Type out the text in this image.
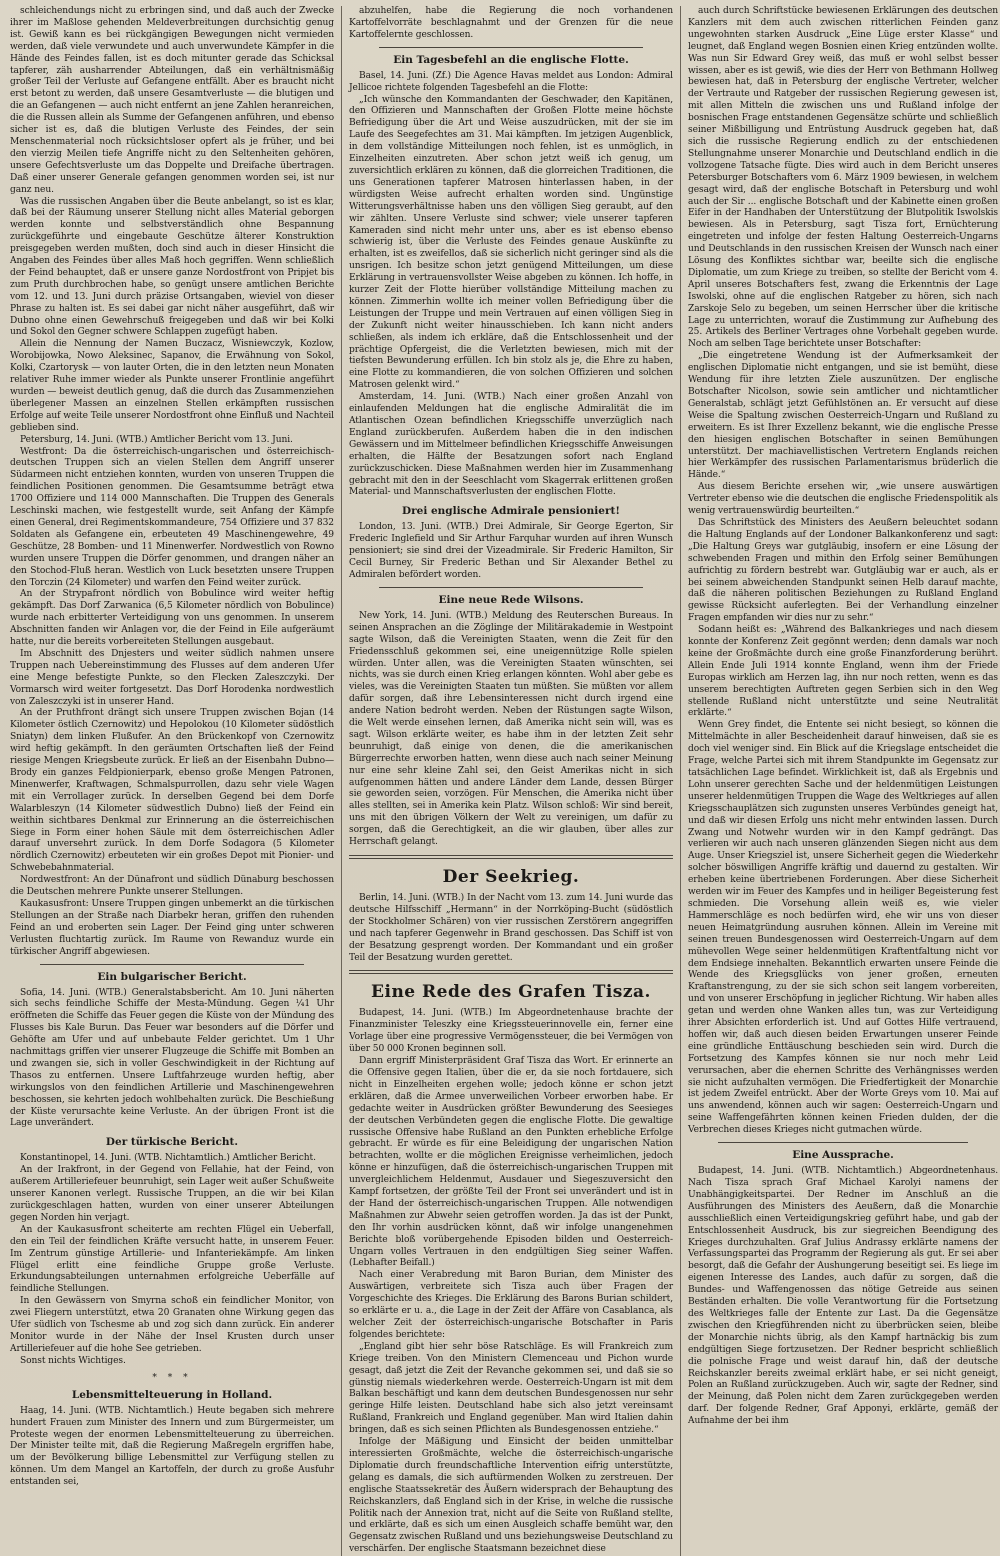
schleichendungs nicht zu erbringen sind, und daß auch der Zwecke ihrer im Maßlose gehenden Meldeverbreitungen durchsichtig genug ist. Gewiß kann es bei rückgängigen Bewegungen nicht vermieden werden, daß viele verwundete und auch unverwundete Kämpfer in die Hände des Feindes fallen, ist es doch mitunter gerade das Schicksal tapferer, zäh ausharrender Abteilungen, daß ein verhältnismäßig großer Teil der Verluste auf Gefangene entfällt. Aber es braucht nicht erst betont zu werden, daß unsere Gesamtverluste — die blutigen und die an Gefangenen — auch nicht entfernt an jene Zahlen heranreichen, die die Russen allein als Summe der Gefangenen anführen, und ebenso sicher ist es, daß die blutigen Verluste des Feindes, der sein Menschenmaterial noch rücksichtsloser opfert als je früher, und bei den vierzig Meilen tiefe Angriffe nicht zu den Seltenheiten gehören, unsere Gefechtsverluste um das Doppelte und Dreifache übertragen. Daß einer unserer Generale gefangen genommen worden sei, ist nur ganz neu.

Was die russischen Angaben über die Beute anbelangt, so ist es klar, daß bei der Räumung unserer Stellung nicht alles Material geborgen werden konnte und selbstverständlich ohne Bespannung zurückgeführte und eingebaute Geschütze älterer Konstruktion preisgegeben werden mußten, doch sind auch in dieser Hinsicht die Angaben des Feindes über alles Maß hoch gegriffen. Wenn schließlich der Feind behauptet, daß er unsere ganze Nordostfront von Pripjet bis zum Pruth durchbrochen habe, so genügt unsere amtlichen Berichte vom 12. und 13. Juni durch präzise Ortsangaben, wieviel von dieser Phrase zu halten ist. Es sei dabei gar nicht näher ausgeführt, daß wir Dubno ohne einen Gewehrschuß freigegeben und daß wir bei Kolki und Sokol den Gegner schwere Schlappen zugefügt haben.

Allein die Nennung der Namen Buczacz, Wisniewczyk, Kozlow, Worobijowka, Nowo Aleksinec, Sapanov, die Erwähnung von Sokol, Kolki, Czartorysk — von lauter Orten, die in den letzten neun Monaten relativer Ruhe immer wieder als Punkte unserer Frontlinie angeführt wurden — beweist deutlich genug, daß die durch das Zusammenziehen überlegener Massen an einzelnen Stellen erkämpften russischen Erfolge auf weite Teile unserer Nordostfront ohne Einfluß und Nachteil geblieben sind.

Petersburg, 14. Juni. (WTB.) Amtlicher Bericht vom 13. Juni.

Westfront: Da die österreichisch-ungarischen und österreichisch-deutschen Truppen sich an vielen Stellen dem Angriff unserer Südarmeen nicht entziehen konnten, wurden von unseren Truppen die feindlichen Positionen genommen. Die Gesamtsumme beträgt etwa 1700 Offiziere und 114 000 Mannschaften. Die Truppen des Generals Leschinski machen, wie festgestellt wurde, seit Anfang der Kämpfe einen General, drei Regimentskommandeure, 754 Offiziere und 37 832 Soldaten als Gefangene ein, erbeuteten 49 Maschinengewehre, 49 Geschütze, 28 Bomben- und 11 Minenwerfer. Nordwestlich von Rowno wurden unsere Truppen die Dörfer genommen, und drangen näher an den Stochod-Fluß heran. Westlich von Luck besetzten unsere Truppen den Torczin (24 Kilometer) und warfen den Feind weiter zurück.

An der Strypafront nördlich von Bobulince wird weiter heftig gekämpft. Das Dorf Zarwanica (6,5 Kilometer nördlich von Bobulince) wurde nach erbitterter Verteidigung von uns genommen. In unserem Abschnitten fanden wir Anlagen vor, die der Feind in Eile aufgeräumt hatte, nur die bereits vorbereiteten Stellungen ausgebaut.

Im Abschnitt des Dnjesters und weiter südlich nahmen unsere Truppen nach Uebereinstimmung des Flusses auf dem anderen Ufer eine Menge befestigte Punkte, so den Flecken Zaleszczyki. Der Vormarsch wird weiter fortgesetzt. Das Dorf Horodenka nordwestlich von Zaleszczyki ist in unserer Hand.

An der Pruthfront drängt sich unsere Truppen zwischen Bojan (14 Kilometer östlich Czernowitz) und Hepolokou (10 Kilometer südöstlich Sniatyn) dem linken Flußufer. An den Brückenkopf von Czernowitz wird heftig gekämpft. In den geräumten Ortschaften ließ der Feind riesige Mengen Kriegsbeute zurück. Er ließ an der Eisenbahn Dubno—Brody ein ganzes Feldpionierpark, ebenso große Mengen Patronen, Minenwerfer, Kraftwagen, Schmalspurrollen, dazu sehr viele Wagen mit ein Verrollager zurück. In derselben Gegend bei dem Dorfe Walarbleszyn (14 Kilometer südwestlich Dubno) ließ der Feind ein weithin sichtbares Denkmal zur Erinnerung an die österreichischen Siege in Form einer hohen Säule mit dem österreichischen Adler darauf unversehrt zurück. In dem Dorfe Sodagora (5 Kilometer nördlich Czernowitz) erbeuteten wir ein großes Depot mit Pionier- und Schwebebahnmaterial.

Nordwestfront: An der Dünafront und südlich Dünaburg beschossen die Deutschen mehrere Punkte unserer Stellungen.

Kaukasusfront: Unsere Truppen gingen unbemerkt an die türkischen Stellungen an der Straße nach Diarbekr heran, griffen den ruhenden Feind an und eroberten sein Lager. Der Feind ging unter schweren Verlusten fluchtartig zurück. Im Raume von Rewanduz wurde ein türkischer Angriff abgewiesen.

Ein bulgarischer Bericht.

Sofia, 14. Juni. (WTB.) Generalstabsbericht. Am 10. Juni näherten sich sechs feindliche Schiffe der Mesta-Mündung. Gegen ¼1 Uhr eröffneten die Schiffe das Feuer gegen die Küste von der Mündung des Flusses bis Kale Burun. Das Feuer war besonders auf die Dörfer und Gehöfte am Ufer und auf unbebaute Felder gerichtet. Um 1 Uhr nachmittags griffen vier unserer Flugzeuge die Schiffe mit Bomben an und zwangen sie, sich in voller Geschwindigkeit in der Richtung auf Thasos zu entfernen. Unsere Luftfahrzeuge wurden heftig, aber wirkungslos von den feindlichen Artillerie und Maschinengewehren beschossen, sie kehrten jedoch wohlbehalten zurück. Die Beschießung der Küste verursachte keine Verluste. An der übrigen Front ist die Lage unverändert.

Der türkische Bericht.

Konstantinopel, 14. Juni. (WTB. Nichtamtlich.) Amtlicher Bericht.

An der Irakfront, in der Gegend von Fellahie, hat der Feind, von außerem Artilleriefeuer beunruhigt, sein Lager weit außer Schußweite unserer Kanonen verlegt. Russische Truppen, an die wir bei Kilan zurückgeschlagen hatten, wurden von einer unserer Abteilungen gegen Norden hin verjagt.

An der Kaukasusfront scheiterte am rechten Flügel ein Ueberfall, den ein Teil der feindlichen Kräfte versucht hatte, in unserem Feuer. Im Zentrum günstige Artillerie- und Infanteriekämpfe. Am linken Flügel erlitt eine feindliche Gruppe große Verluste. Erkundungsabteilungen unternahmen erfolgreiche Ueberfälle auf feindliche Stellungen.

In den Gewässern von Smyrna schoß ein feindlicher Monitor, von zwei Fliegern unterstützt, etwa 20 Granaten ohne Wirkung gegen das Ufer südlich von Tschesme ab und zog sich dann zurück. Ein anderer Monitor wurde in der Nähe der Insel Krusten durch unser Artilleriefeuer auf die hohe See getrieben.

Sonst nichts Wichtiges.

* * *
Lebensmittelteuerung in Holland.

Haag, 14. Juni. (WTB. Nichtamtlich.) Heute begaben sich mehrere hundert Frauen zum Minister des Innern und zum Bürgermeister, um Proteste wegen der enormen Lebensmittelteuerung zu überreichen. Der Minister teilte mit, daß die Regierung Maßregeln ergriffen habe, um der Bevölkerung billige Lebensmittel zur Verfügung stellen zu können. Um dem Mangel an Kartoffeln, der durch zu große Ausfuhr entstanden sei,

abzuhelfen, habe die Regierung die noch vorhandenen Kartoffelvorräte beschlagnahmt und der Grenzen für die neue Kartoffelernte geschlossen.

Ein Tagesbefehl an die englische Flotte.

Basel, 14. Juni. (Zf.) Die Agence Havas meldet aus London: Admiral Jellicoe richtete folgenden Tagesbefehl an die Flotte:

„Ich wünsche den Kommandanten der Geschwader, den Kapitänen, den Offizieren und Mannschaften der Großen Flotte meine höchste Befriedigung über die Art und Weise auszudrücken, mit der sie im Laufe des Seegefechtes am 31. Mai kämpften. Im jetzigen Augenblick, in dem vollständige Mitteilungen noch fehlen, ist es unmöglich, in Einzelheiten einzutreten. Aber schon jetzt weiß ich genug, um zuversichtlich erklären zu können, daß die glorreichen Traditionen, die uns Generationen tapferer Matrosen hinterlassen haben, in der würdigsten Weise aufrecht erhalten worden sind. Ungünstige Witterungsverhältnisse haben uns den völligen Sieg geraubt, auf den wir zählten. Unsere Verluste sind schwer; viele unserer tapferen Kameraden sind nicht mehr unter uns, aber es ist ebenso ebenso schwierig ist, über die Verluste des Feindes genaue Auskünfte zu erhalten, ist es zweifellos, daß sie sicherlich nicht geringer sind als die unsrigen. Ich besitze schon jetzt genügend Mitteilungen, um diese Erklärung in vertrauensvollster Weise abgeben zu können. Ich hoffe, in kurzer Zeit der Flotte hierüber vollständige Mitteilung machen zu können. Zimmerhin wollte ich meiner vollen Befriedigung über die Leistungen der Truppe und mein Vertrauen auf einen völligen Sieg in der Zukunft nicht weiter hinausschieben. Ich kann nicht anders schließen, als indem ich erkläre, daß die Entschlossenheit und der prächtige Opfergeist, die die Verletzten bewiesen, mich mit der tiefsten Bewunderung erfüllen. Ich bin stolz als je, die Ehre zu haben, eine Flotte zu kommandieren, die von solchen Offizieren und solchen Matrosen gelenkt wird.“

Amsterdam, 14. Juni. (WTB.) Nach einer großen Anzahl von einlaufenden Meldungen hat die englische Admiralität die im Atlantischen Ozean befindlichen Kriegsschiffe unverzüglich nach England zurückberufen. Außerdem haben die in den indischen Gewässern und im Mittelmeer befindlichen Kriegsschiffe Anweisungen erhalten, die Hälfte der Besatzungen sofort nach England zurückzuschicken. Diese Maßnahmen werden hier im Zusammenhang gebracht mit den in der Seeschlacht vom Skagerrak erlittenen großen Material- und Mannschaftsverlusten der englischen Flotte.

Drei englische Admirale pensioniert!

London, 13. Juni. (WTB.) Drei Admirale, Sir George Egerton, Sir Frederic Inglefield und Sir Arthur Farquhar wurden auf ihren Wunsch pensioniert; sie sind drei der Vizeadmirale. Sir Frederic Hamilton, Sir Cecil Burney, Sir Frederic Bethan und Sir Alexander Bethel zu Admiralen befördert worden.

Eine neue Rede Wilsons.

New York, 14. Juni. (WTB.) Meldung des Reuterschen Bureaus. In seinen Ansprachen an die Zöglinge der Militärakademie in Westpoint sagte Wilson, daß die Vereinigten Staaten, wenn die Zeit für den Friedensschluß gekommen sei, eine uneigennützige Rolle spielen würden. Unter allen, was die Vereinigten Staaten wünschten, sei nichts, was sie durch einen Krieg erlangen könnten. Wohl aber gebe es vieles, was die Vereinigten Staaten tun müßten. Sie müßten vor allem dafür sorgen, daß ihre Lebensinteressen nicht durch irgend eine andere Nation bedroht werden. Neben der Rüstungen sagte Wilson, die Welt werde einsehen lernen, daß Amerika nicht sein will, was es sagt. Wilson erklärte weiter, es habe ihm in der letzten Zeit sehr beunruhigt, daß einige von denen, die die amerikanischen Bürgerrechte erworben hatten, wenn diese auch nach seiner Meinung nur eine sehr kleine Zahl sei, den Geist Amerikas nicht in sich aufgenommen hätten und andere Länder dem Lande, dessen Bürger sie geworden seien, vorzögen. Für Menschen, die Amerika nicht über alles stellten, sei in Amerika kein Platz. Wilson schloß: Wir sind bereit, uns mit den übrigen Völkern der Welt zu vereinigen, um dafür zu sorgen, daß die Gerechtigkeit, an die wir glauben, über alles zur Herrschaft gelangt.

Der Seekrieg.

Berlin, 14. Juni. (WTB.) In der Nacht vom 13. zum 14. Juni wurde das deutsche Hilfsschiff „Hermann“ in der Norrköping-Bucht (südöstlich der Stockholmer Schären) von vier russischen Zerstörern angegriffen und nach tapferer Gegenwehr in Brand geschossen. Das Schiff ist von der Besatzung gesprengt worden. Der Kommandant und ein großer Teil der Besatzung wurden gerettet.

Eine Rede des Grafen Tisza.

Budapest, 14. Juni. (WTB.) Im Abgeordnetenhause brachte der Finanzminister Teleszky eine Kriegssteuerinnovelle ein, ferner eine Vorlage über eine progressive Vermögenssteuer, die bei Vermögen von über 50 000 Kronen beginnen soll.

Dann ergriff Ministerpräsident Graf Tisza das Wort. Er erinnerte an die Offensive gegen Italien, über die er, da sie noch fortdauere, sich nicht in Einzelheiten ergehen wolle; jedoch könne er schon jetzt erklären, daß die Armee unverweilichen Vorbeer erworben habe. Er gedachte weiter in Ausdrücken größter Bewunderung des Seesieges der deutschen Verbündeten gegen die englische Flotte. Die gewaltige russische Offensive habe Rußland an den Punkten erhebliche Erfolge gebracht. Er würde es für eine Beleidigung der ungarischen Nation betrachten, wollte er die möglichen Ereignisse verheimlichen, jedoch könne er hinzufügen, daß die österreichisch-ungarischen Truppen mit unvergleichlichem Heldenmut, Ausdauer und Siegeszuversicht den Kampf fortsetzen, der größte Teil der Front sei unverändert und ist in der Hand der österreichisch-ungarischen Truppen. Alle notwendigen Maßnahmen zur Abwehr seien getroffen worden. Ja das ist der Punkt, den Ihr vorhin ausdrücken könnt, daß wir infolge unangenehmen Berichte bloß vorübergehende Episoden bilden und Oesterreich-Ungarn volles Vertrauen in den endgültigen Sieg seiner Waffen. (Lebhafter Beifall.)

Nach einer Verabredung mit Baron Burian, dem Minister des Auswärtigen, verbreitete sich Tisza auch über Fragen der Vorgeschichte des Krieges. Die Erklärung des Barons Burian schildert, so erklärte er u. a., die Lage in der Zeit der Affäre von Casablanca, als welcher Zeit der österreichisch-ungarische Botschafter in Paris folgendes berichtete:

„England gibt hier sehr böse Ratschläge. Es will Frankreich zum Kriege treiben. Von den Ministern Clemenceau und Pichon wurde gesagt, daß jetzt die Zeit der Revanche gekommen sei, und daß sie so günstig niemals wiederkehren werde. Oesterreich-Ungarn ist mit dem Balkan beschäftigt und kann dem deutschen Bundesgenossen nur sehr geringe Hilfe leisten. Deutschland habe sich also jetzt vereinsamt Rußland, Frankreich und England gegenüber. Man wird Italien dahin bringen, daß es sich seinen Pflichten als Bundesgenossen entziehe.“

Infolge der Mäßigung und Einsicht der beiden unmittelbar interessierten Großmächte, welche die österreichisch-ungarische Diplomatie durch freundschaftliche Intervention eifrig unterstützte, gelang es damals, die sich auftürmenden Wolken zu zerstreuen. Der englische Staatssekretär des Äußern widersprach der Behauptung des Reichskanzlers, daß England sich in der Krise, in welche die russische Politik nach der Annexion trat, nicht auf die Seite von Rußland stellte, und erklärte, daß es sich um einen Ausgleich schaffe bemüht war, den Gegensatz zwischen Rußland und uns beziehungsweise Deutschland zu verschärfen. Der englische Staatsmann bezeichnet diese

auch durch Schriftstücke bewiesenen Erklärungen des deutschen Kanzlers mit dem auch zwischen ritterlichen Feinden ganz ungewohnten starken Ausdruck „Eine Lüge erster Klasse“ und leugnet, daß England wegen Bosnien einen Krieg entzünden wollte. Was nun Sir Edward Grey weiß, das muß er wohl selbst besser wissen, aber es ist gewiß, wie dies der Herr von Bethmann Hollweg bewiesen hat, daß in Petersburg der englische Vertreter, welcher der Vertraute und Ratgeber der russischen Regierung gewesen ist, mit allen Mitteln die zwischen uns und Rußland infolge der bosnischen Frage entstandenen Gegensätze schürte und schließlich seiner Mißbilligung und Entrüstung Ausdruck gegeben hat, daß sich die russische Regierung endlich zu der entschiedenen Stellungnahme unserer Monarchie und Deutschland endlich in die vollzogene Tatsache fügte. Dies wird auch in dem Bericht unseres Petersburger Botschafters vom 6. März 1909 bewiesen, in welchem gesagt wird, daß der englische Botschaft in Petersburg und wohl auch der Sir ... englische Botschaft und der Kabinette einen großen Eifer in der Handhaben der Unterstützung der Blutpolitik Iswolskis bewiesen. Als in Petersburg, sagt Tisza fort, Ernüchterung eingetreten und infolge der festen Haltung Oesterreich-Ungarns und Deutschlands in den russischen Kreisen der Wunsch nach einer Lösung des Konfliktes sichtbar war, beeilte sich die englische Diplomatie, um zum Kriege zu treiben, so stellte der Bericht vom 4. April unseres Botschafters fest, zwang die Erkenntnis der Lage Iswolski, ohne auf die englischen Ratgeber zu hören, sich nach Zarskoje Selo zu begeben, um seinen Herrscher über die kritische Lage zu unterrichten, worauf die Zustimmung zur Aufhebung des 25. Artikels des Berliner Vertrages ohne Vorbehalt gegeben wurde. Noch am selben Tage berichtete unser Botschafter:

„Die eingetretene Wendung ist der Aufmerksamkeit der englischen Diplomatie nicht entgangen, und sie ist bemüht, diese Wendung für ihre letzten Ziele auszunützen. Der englische Botschafter Nicolson, sowie sein amtlicher und nichtamtlicher Generalstab, schlägt jetzt Gefühlstönen an. Er versucht auf diese Weise die Spaltung zwischen Oesterreich-Ungarn und Rußland zu erweitern. Es ist Ihrer Exzellenz bekannt, wie die englische Presse den hiesigen englischen Botschafter in seinen Bemühungen unterstützt. Der machiavellistischen Vertretern Englands reichen hier Werkämpfer des russischen Parlamentarismus brüderlich die Hände.“

Aus diesem Berichte ersehen wir, „wie unsere auswärtigen Vertreter ebenso wie die deutschen die englische Friedenspolitik als wenig vertrauenswürdig beurteilten.“

Das Schriftstück des Ministers des Aeußern beleuchtet sodann die Haltung Englands auf der Londoner Balkankonferenz und sagt: „Die Haltung Greys war gutgläubig, insofern er eine Lösung der schwebenden Fragen und mithin den Erfolg seiner Bemühungen aufrichtig zu fördern bestrebt war. Gutgläubig war er auch, als er bei seinem abweichenden Standpunkt seinen Helb darauf machte, daß die näheren politischen Beziehungen zu Rußland England gewisse Rücksicht auferlegten. Bei der Verhandlung einzelner Fragen empfanden wir dies nur zu sehr.“

Sodann heißt es: „Während des Balkankrieges und nach diesem konnte der Konferenz Zeit gegönnt werden; denn damals war noch keine der Großmächte durch eine große Finanzforderung berührt. Allein Ende Juli 1914 konnte England, wenn ihm der Friede Europas wirklich am Herzen lag, ihn nur noch retten, wenn es das unserem berechtigten Auftreten gegen Serbien sich in den Weg stellende Rußland nicht unterstützte und seine Neutralität erklärte.“

Wenn Grey findet, die Entente sei nicht besiegt, so können die Mittelmächte in aller Bescheidenheit darauf hinweisen, daß sie es doch viel weniger sind. Ein Blick auf die Kriegslage entscheidet die Frage, welche Partei sich mit ihrem Standpunkte im Gegensatz zur tatsächlichen Lage befindet. Wirklichkeit ist, daß als Ergebnis und Lohn unserer gerechten Sache und der heldenmütigen Leistungen unserer heldenmütigen Truppen die Wage des Weltkrieges auf allen Kriegsschauplätzen sich zugunsten unseres Verbündes geneigt hat, und daß wir diesen Erfolg uns nicht mehr entwinden lassen. Durch Zwang und Notwehr wurden wir in den Kampf gedrängt. Das verlieren wir auch nach unseren glänzenden Siegen nicht aus dem Auge. Unser Kriegsziel ist, unsere Sicherheit gegen die Wiederkehr solcher böswilligen Angriffe kräftig und dauernd zu gestalten. Wir erheben keine übertriebenen Forderungen. Aber diese Sicherheit werden wir im Feuer des Kampfes und in heiliger Begeisterung fest schmieden. Die Vorsehung allein weiß es, wie vieler Hammerschläge es noch bedürfen wird, ehe wir uns von dieser neuen Heimatgründung ausruhen können. Allein im Vereine mit seinen treuen Bundesgenossen wird Oesterreich-Ungarn auf dem mühevollen Wege seiner heldenmütigen Kraftentfaltung nicht vor dem Endsiege innehalten. Bekanntlich erwarten unsere Feinde die Wende des Kriegsglücks von jener großen, erneuten Kraftanstrengung, zu der sie sich schon seit langem vorbereiten, und von unserer Erschöpfung in jeglicher Richtung. Wir haben alles getan und werden ohne Wanken alles tun, was zur Verteidigung ihrer Absichten erforderlich ist. Und auf Gottes Hilfe vertrauend, hoffen wir, daß auch diesen beiden Erwartungen unserer Feinde eine gründliche Enttäuschung beschieden sein wird. Durch die Fortsetzung des Kampfes können sie nur noch mehr Leid verursachen, aber die ehernen Schritte des Verhängnisses werden sie nicht aufzuhalten vermögen. Die Friedfertigkeit der Monarchie ist jedem Zweifel entrückt. Aber der Worte Greys vom 10. Mai auf uns anwendend, können auch wir sagen: Oesterreich-Ungarn und seine Waffengefährten können keinen Frieden dulden, der die Verbrechen dieses Krieges nicht gutmachen würde.

Eine Aussprache.

Budapest, 14. Juni. (WTB. Nichtamtlich.) Abgeordnetenhaus. Nach Tisza sprach Graf Michael Karolyi namens der Unabhängigkeitspartei. Der Redner im Anschluß an die Ausführungen des Ministers des Aeußern, daß die Monarchie ausschließlich einen Verteidigungskrieg geführt habe, und gab der Entschlossenheit Ausdruck, bis zur siegreichen Beendigung des Krieges durchzuhalten. Graf Julius Andrassy erklärte namens der Verfassungspartei das Programm der Regierung als gut. Er sei aber besorgt, daß die Gefahr der Aushungerung beseitigt sei. Es liege im eigenen Interesse des Landes, auch dafür zu sorgen, daß die Bundes- und Waffengenossen das nötige Getreide aus seinen Beständen erhalten. Die volle Verantwortung für die Fortsetzung des Weltkrieges falle der Entente zur Last. Da die Gegensätze zwischen den Kriegführenden nicht zu überbrücken seien, bleibe der Monarchie nichts übrig, als den Kampf hartnäckig bis zum endgültigen Siege fortzusetzen. Der Redner bespricht schließlich die polnische Frage und weist darauf hin, daß der deutsche Reichskanzler bereits zweimal erklärt habe, er sei nicht geneigt, Polen an Rußland zurückzugeben. Auch wir, sagte der Redner, sind der Meinung, daß Polen nicht dem Zaren zurückgegeben werden darf. Der folgende Redner, Graf Apponyi, erklärte, gemäß der Aufnahme der bei ihm
